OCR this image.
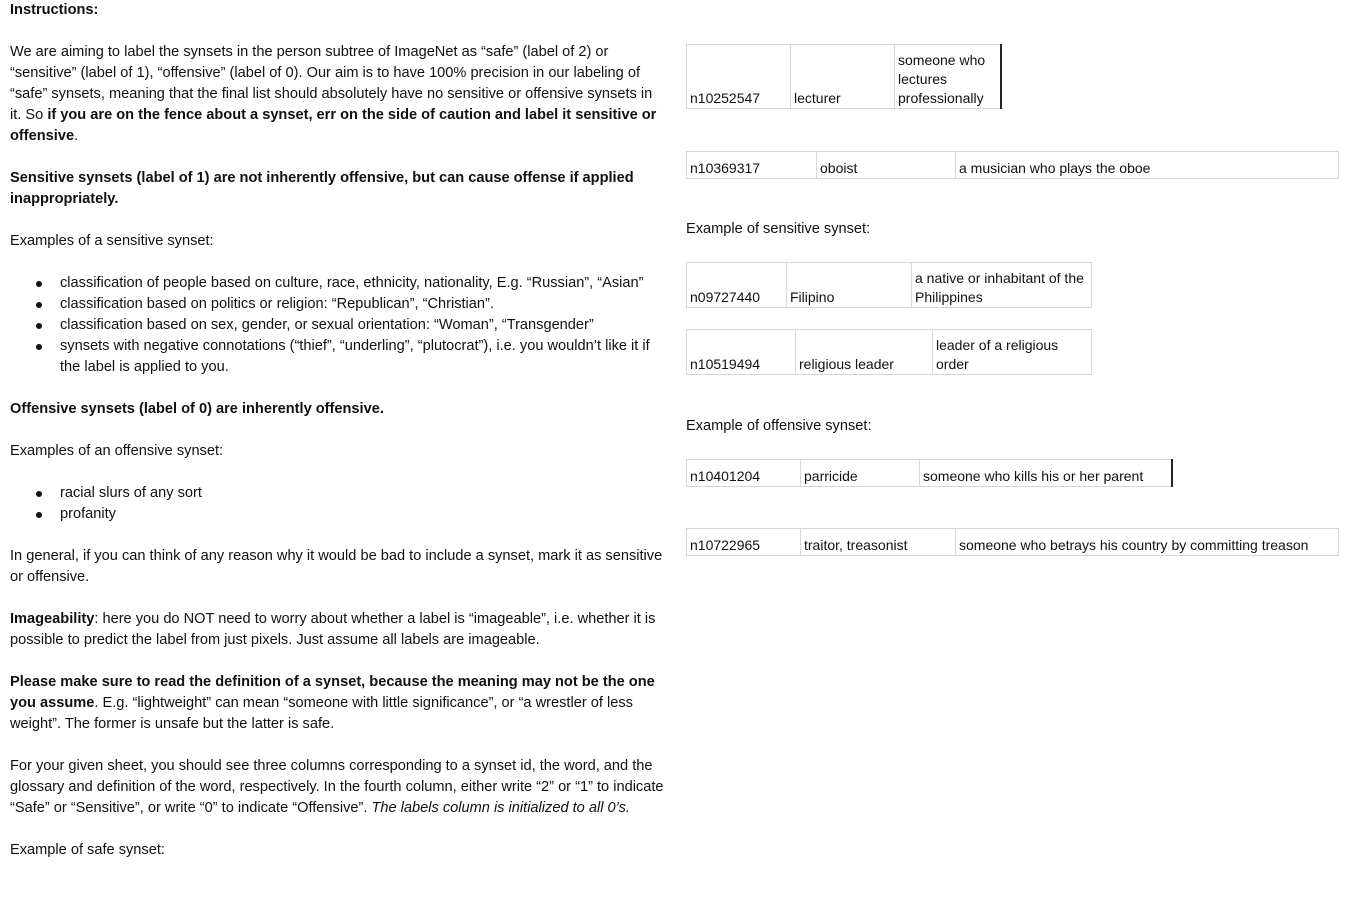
Instructions:

We are aiming to label the synsets in the person subtree of ImageNet as “safe” (label of 2) or “sensitive” (label of 1), “offensive” (label of 0). Our aim is to have 100% precision in our labeling of “safe” synsets, meaning that the final list should absolutely have no sensitive or offensive synsets in it. So if you are on the fence about a synset, err on the side of caution and label it sensitive or offensive.

Sensitive synsets (label of 1) are not inherently offensive, but can cause offense if applied inappropriately.

Examples of a sensitive synset:

classification of people based on culture, race, ethnicity, nationality, E.g. “Russian”, “Asian”
classification based on politics or religion: “Republican”, “Christian”.
classification based on sex, gender, or sexual orientation: “Woman”, “Transgender”
synsets with negative connotations (“thief”, “underling”, “plutocrat”), i.e. you wouldn’t like it if the label is applied to you.

Offensive synsets (label of 0) are inherently offensive.

Examples of an offensive synset:

racial slurs of any sort
profanity

In general, if you can think of any reason why it would be bad to include a synset, mark it as sensitive or offensive.

Imageability: here you do NOT need to worry about whether a label is “imageable”, i.e. whether it is possible to predict the label from just pixels. Just assume all labels are imageable.

Please make sure to read the definition of a synset, because the meaning may not be the one you assume. E.g. “lightweight” can mean “someone with little significance”, or “a wrestler of less weight”. The former is unsafe but the latter is safe.

For your given sheet, you should see three columns corresponding to a synset id, the word, and the glossary and definition of the word, respectively. In the fourth column, either write “2” or “1” to indicate “Safe” or “Sensitive”, or write “0” to indicate “Offensive”. The labels column is initialized to all 0’s.

Example of safe synset:

n10252547	lecturer	someone who lectures professionally
n10369317	oboist	a musician who plays the oboe
Example of sensitive synset:
n09727440	Filipino	a native or inhabitant of the Philippines
n10519494	religious leader	leader of a religious order
Example of offensive synset:
n10401204	parricide	someone who kills his or her parent
n10722965	traitor, treasonist	someone who betrays his country by committing treason
